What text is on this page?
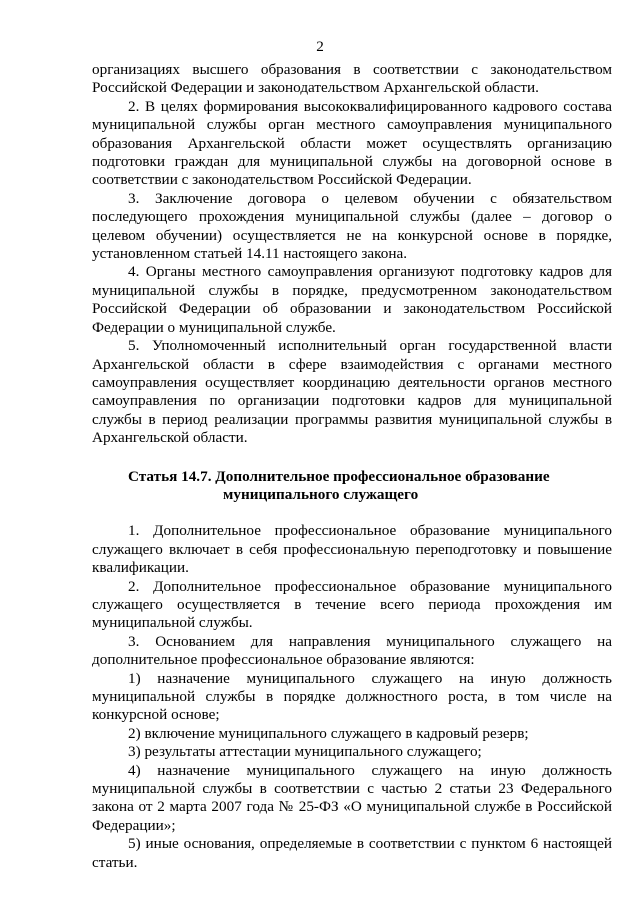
2

организациях высшего образования в соответствии с законодательством Российской Федерации и законодательством Архангельской области.

2. В целях формирования высококвалифицированного кадрового состава муниципальной службы орган местного самоуправления муниципального образования Архангельской области может осуществлять организацию подготовки граждан для муниципальной службы на договорной основе в соответствии с законодательством Российской Федерации.

3. Заключение договора о целевом обучении с обязательством последующего прохождения муниципальной службы (далее – договор о целевом обучении) осуществляется не на конкурсной основе в порядке, установленном статьей 14.11 настоящего закона.

4. Органы местного самоуправления организуют подготовку кадров для муниципальной службы в порядке, предусмотренном законодательством Российской Федерации об образовании и законодательством Российской Федерации о муниципальной службе.

5. Уполномоченный исполнительный орган государственной власти Архангельской области в сфере взаимодействия с органами местного самоуправления осуществляет координацию деятельности органов местного самоуправления по организации подготовки кадров для муниципальной службы в период реализации программы развития муниципальной службы в Архангельской области.

Статья 14.7. Дополнительное профессиональное образование
муниципального служащего

1. Дополнительное профессиональное образование муниципального служащего включает в себя профессиональную переподготовку и повышение квалификации.

2. Дополнительное профессиональное образование муниципального служащего осуществляется в течение всего периода прохождения им муниципальной службы.

3. Основанием для направления муниципального служащего на дополнительное профессиональное образование являются:

1) назначение муниципального служащего на иную должность муниципальной службы в порядке должностного роста, в том числе на конкурсной основе;

2) включение муниципального служащего в кадровый резерв;

3) результаты аттестации муниципального служащего;

4) назначение муниципального служащего на иную должность муниципальной службы в соответствии с частью 2 статьи 23 Федерального закона от 2 марта 2007 года № 25-ФЗ «О муниципальной службе в Российской Федерации»;

5) иные основания, определяемые в соответствии с пунктом 6 настоящей статьи.
